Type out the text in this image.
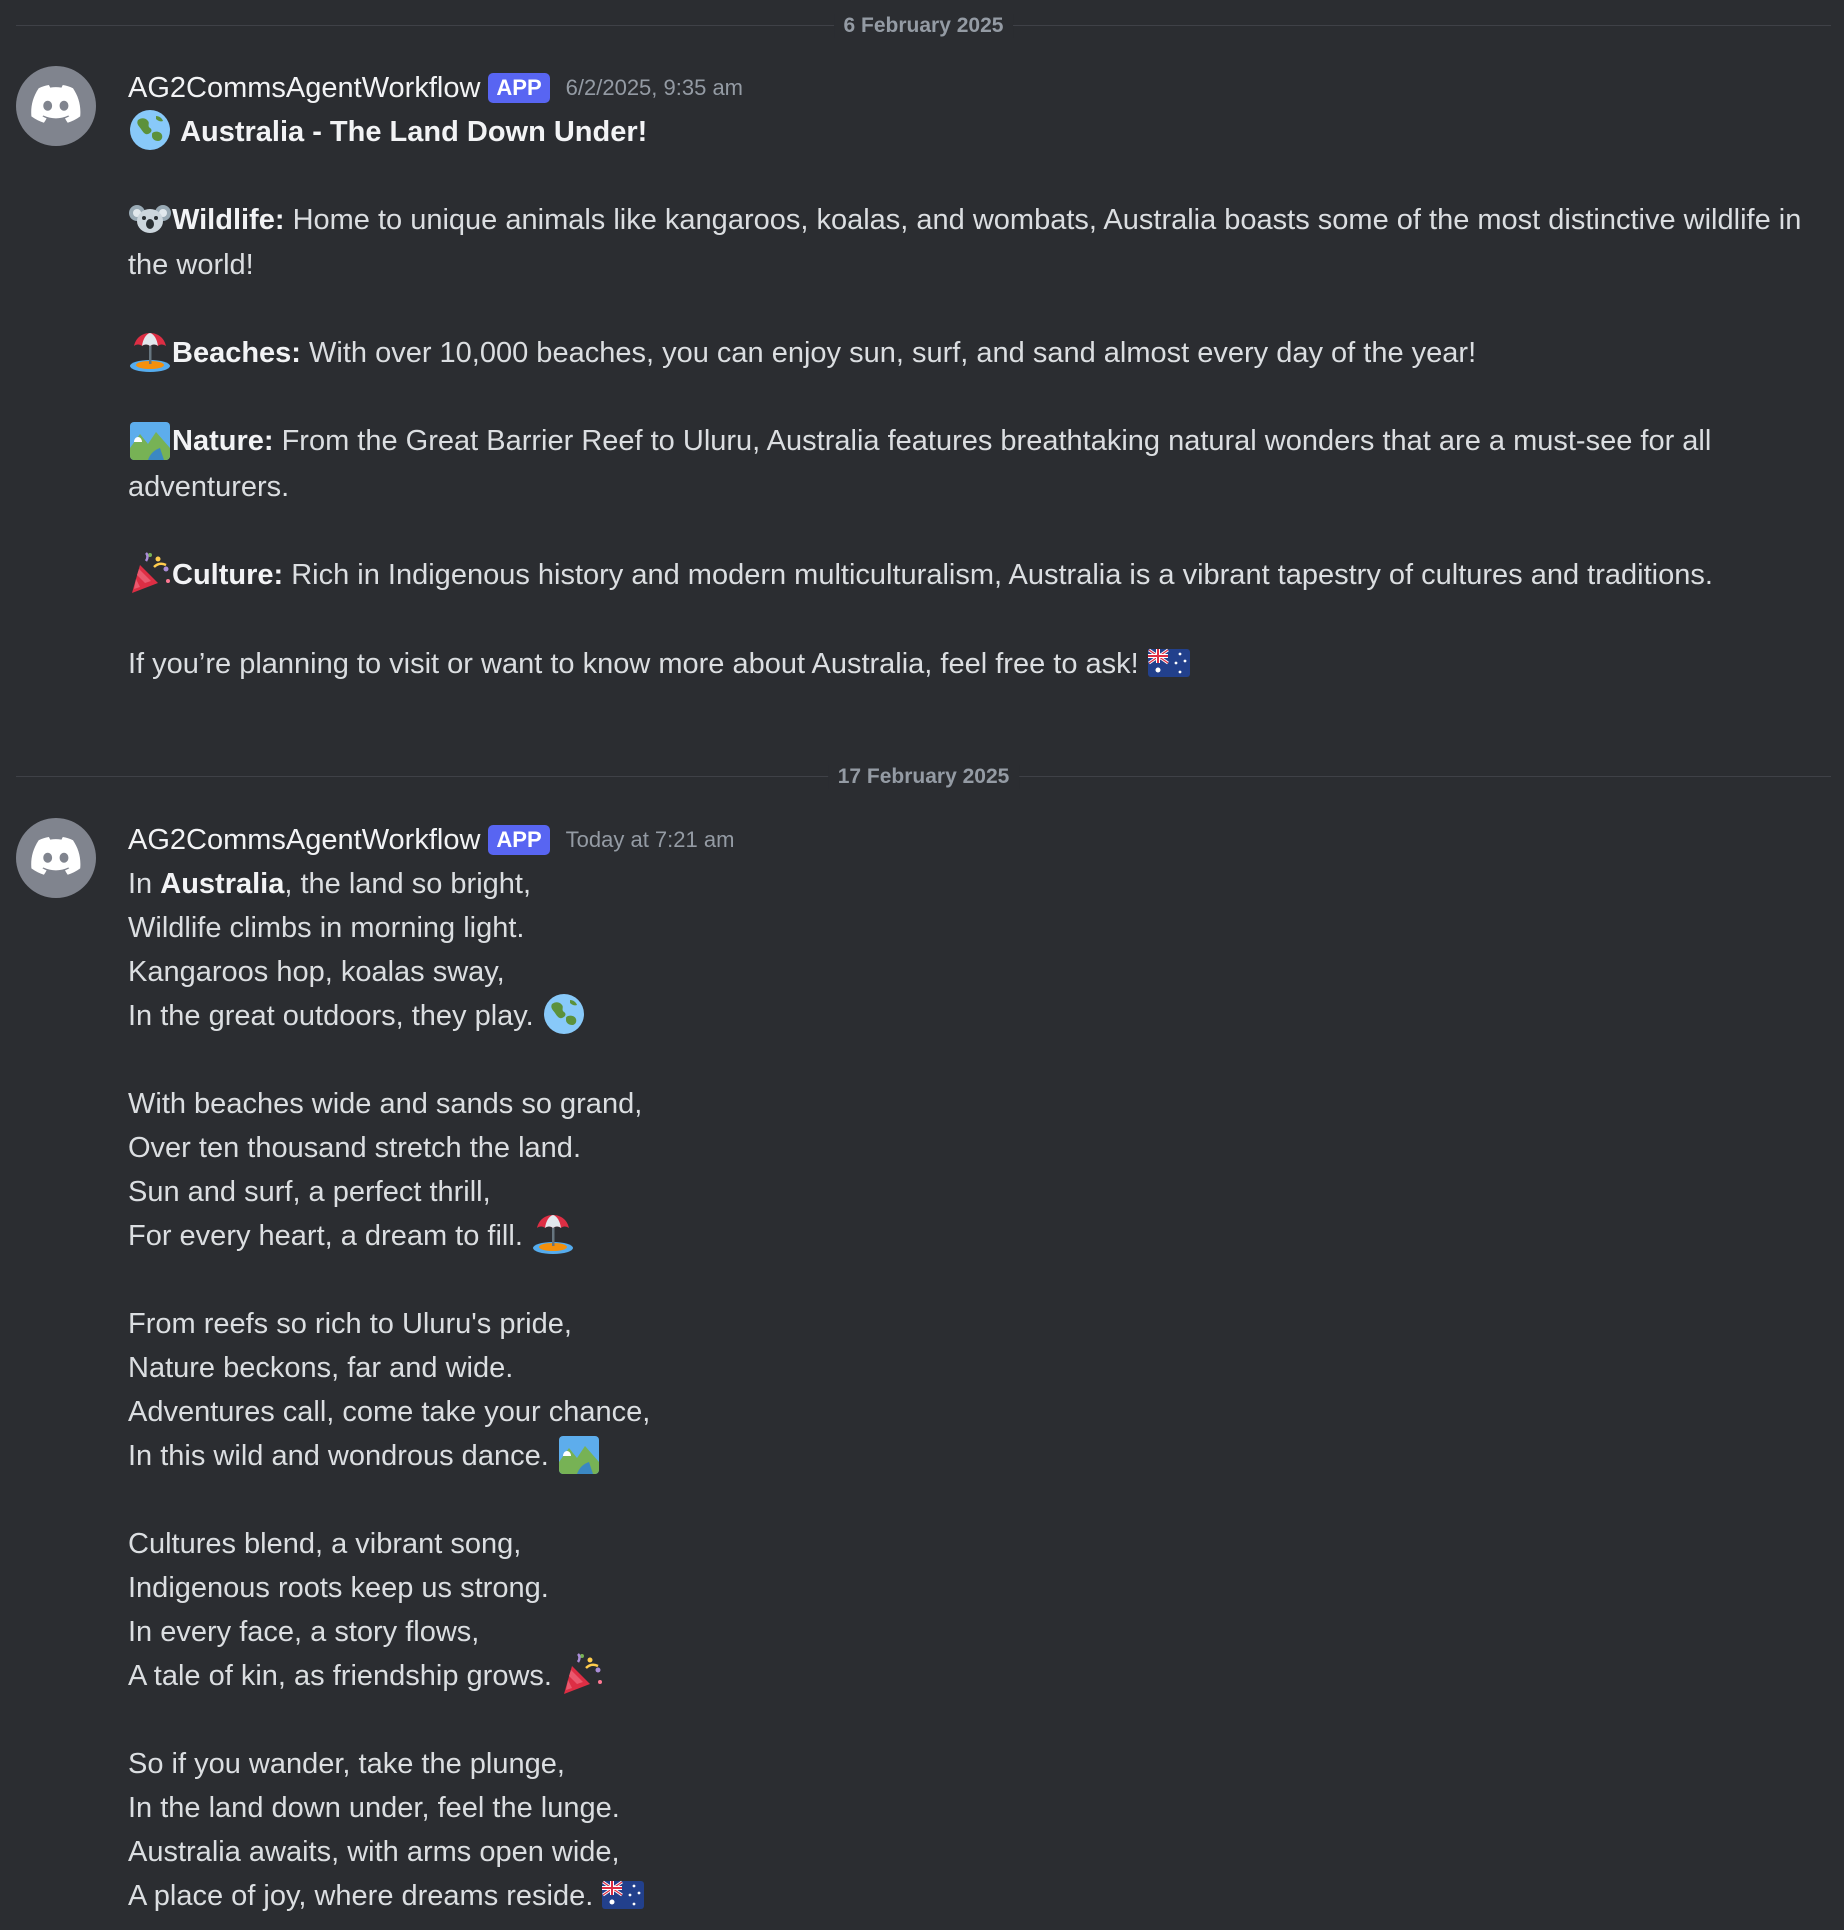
6 February 2025
AG2CommsAgentWorkflow APP	6/2/2025, 9:35 am
Australia - The Land Down Under!
Wildlife: Home to unique animals like kangaroos, koalas, and wombats, Australia boasts some of the most distinctive wildlife in the world!
Beaches: With over 10,000 beaches, you can enjoy sun, surf, and sand almost every day of the year!
Nature: From the Great Barrier Reef to Uluru, Australia features breathtaking natural wonders that are a must-see for all adventurers.
Culture: Rich in Indigenous history and modern multiculturalism, Australia is a vibrant tapestry of cultures and traditions.
If you’re planning to visit or want to know more about Australia, feel free to ask!
17 February 2025
AG2CommsAgentWorkflow APP	Today at 7:21 am
In Australia, the land so bright,
Wildlife climbs in morning light.
Kangaroos hop, koalas sway,
In the great outdoors, they play.
With beaches wide and sands so grand,
Over ten thousand stretch the land.
Sun and surf, a perfect thrill,
For every heart, a dream to fill.
From reefs so rich to Uluru's pride,
Nature beckons, far and wide.
Adventures call, come take your chance,
In this wild and wondrous dance.
Cultures blend, a vibrant song,
Indigenous roots keep us strong.
In every face, a story flows,
A tale of kin, as friendship grows.
So if you wander, take the plunge,
In the land down under, feel the lunge.
Australia awaits, with arms open wide,
A place of joy, where dreams reside.
